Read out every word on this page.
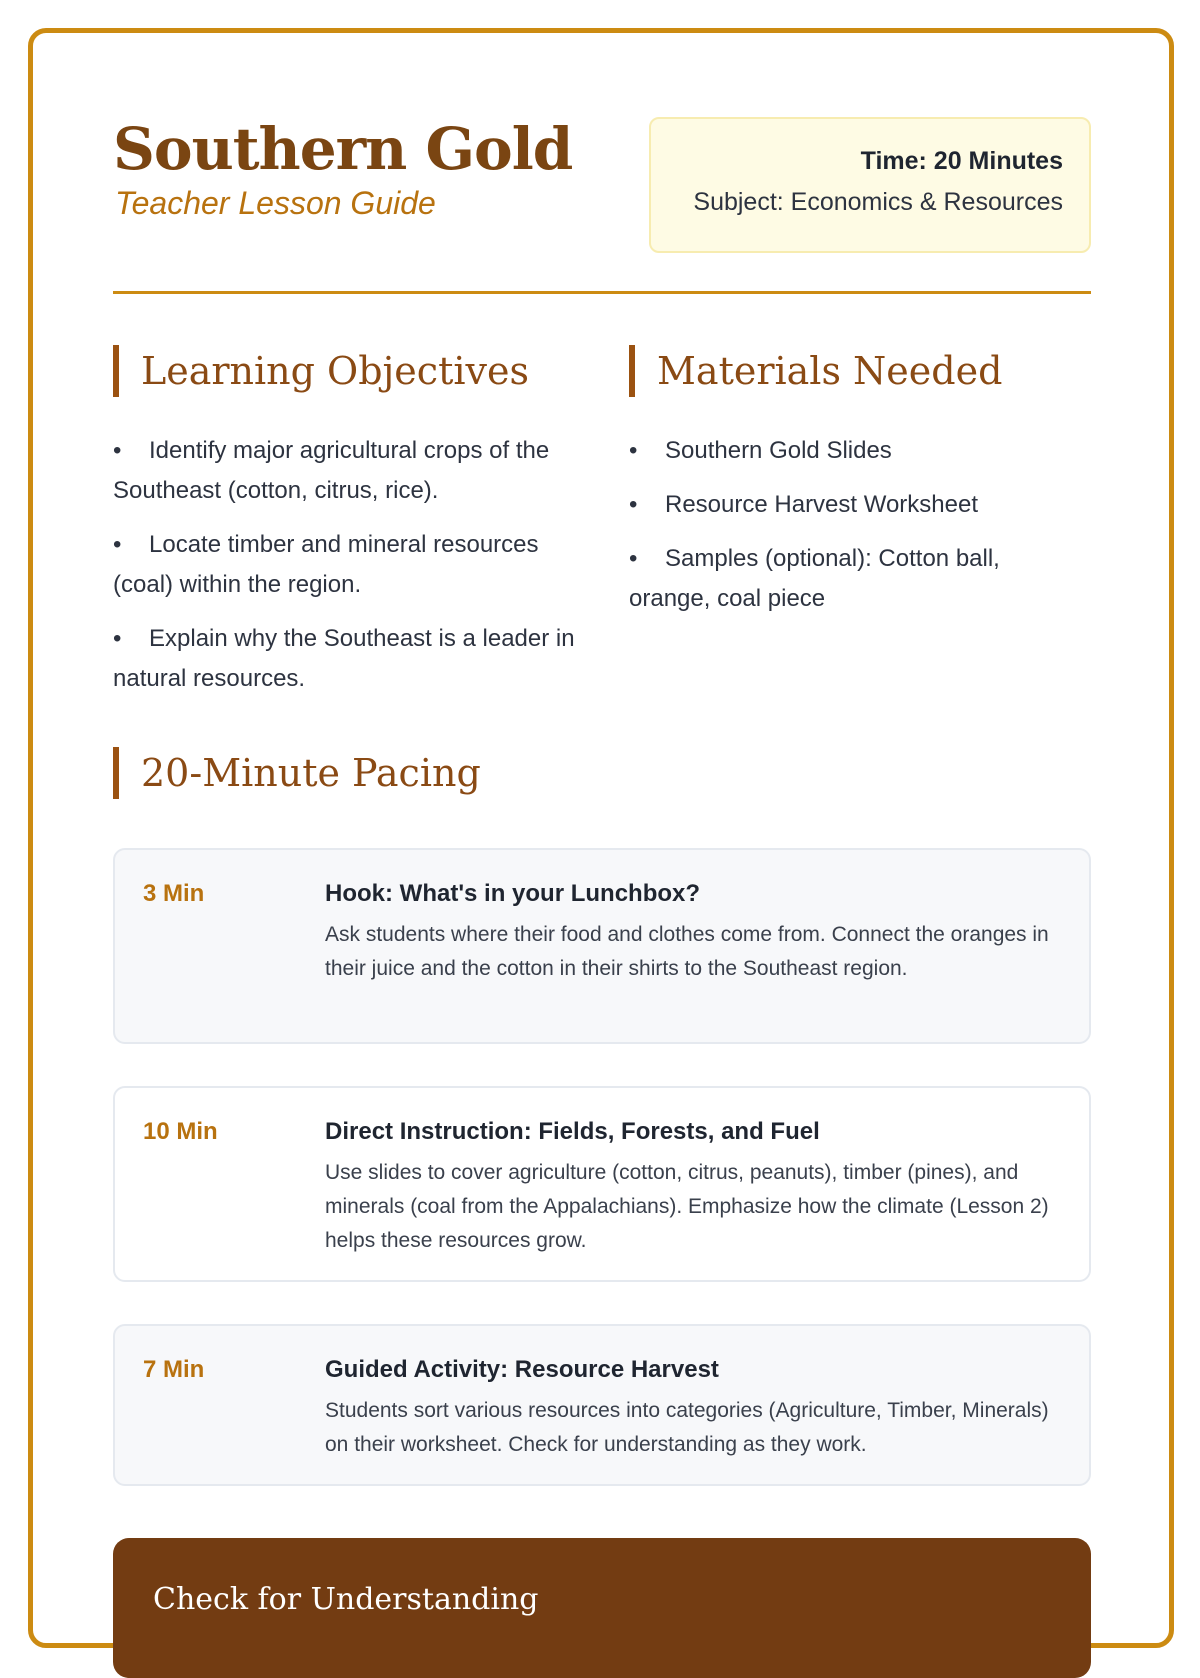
Southern Gold
Teacher Lesson Guide
Time: 20 Minutes
Subject: Economics & Resources
Learning Objectives
• Identify major agricultural crops of the Southeast (cotton, citrus, rice).
• Locate timber and mineral resources (coal) within the region.
• Explain why the Southeast is a leader in natural resources.
Materials Needed
• Southern Gold Slides
• Resource Harvest Worksheet
• Samples (optional): Cotton ball, orange, coal piece
20-Minute Pacing
3 Min	Hook: What's in your Lunchbox?
Ask students where their food and clothes come from. Connect the oranges in their juice and the cotton in their shirts to the Southeast region.
10 Min	Direct Instruction: Fields, Forests, and Fuel
Use slides to cover agriculture (cotton, citrus, peanuts), timber (pines), and minerals (coal from the Appalachians). Emphasize how the climate (Lesson 2) helps these resources grow.
7 Min	Guided Activity: Resource Harvest
Students sort various resources into categories (Agriculture, Timber, Minerals) on their worksheet. Check for understanding as they work.
Check for Understanding
